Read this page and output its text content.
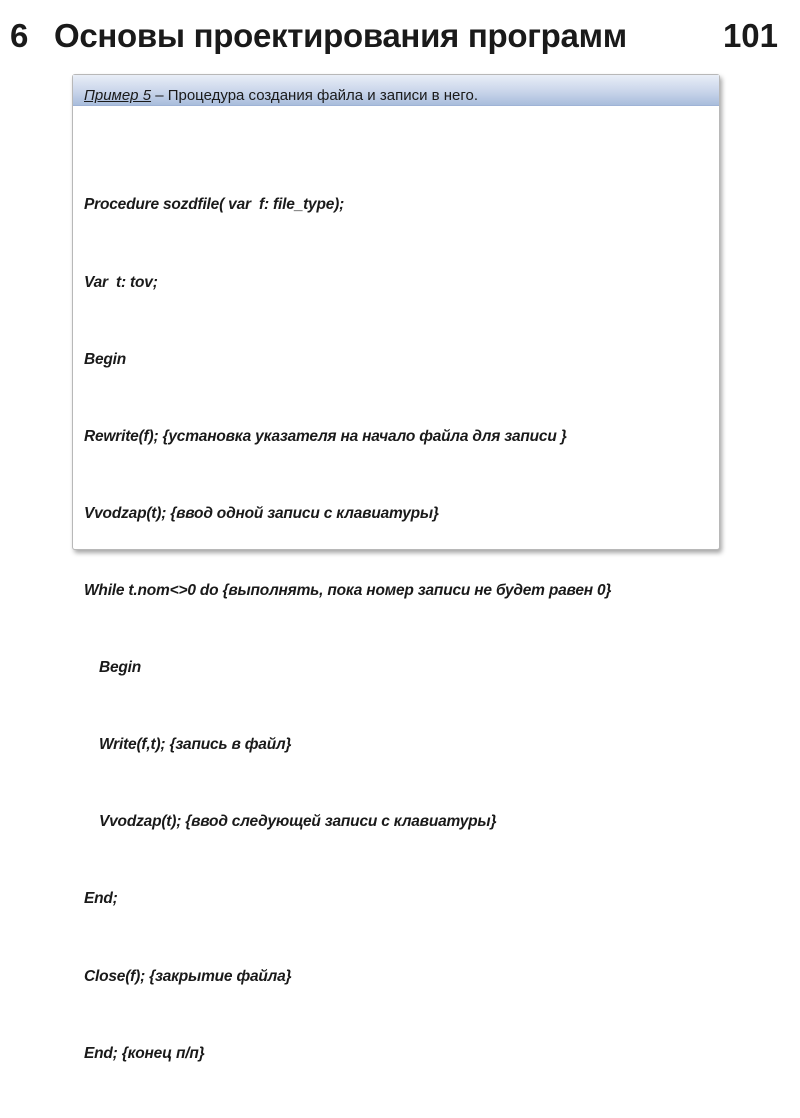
6 Основы проектирования программ	101
Пример 5 – Процедура создания файла и записи в него.

Procedure sozdfile( var  f: file_type);

Var  t: tov;

Begin

Rewrite(f); {установка указателя на начало файла для записи }

Vvodzap(t); {ввод одной записи с клавиатуры}

While t.nom<>0 do {выполнять, пока номер записи не будет равен 0}

Begin

Write(f,t); {запись в файл}

Vvodzap(t); {ввод следующей записи с клавиатуры}

End;

Close(f); {закрытие файла}

End; {конец п/п}
